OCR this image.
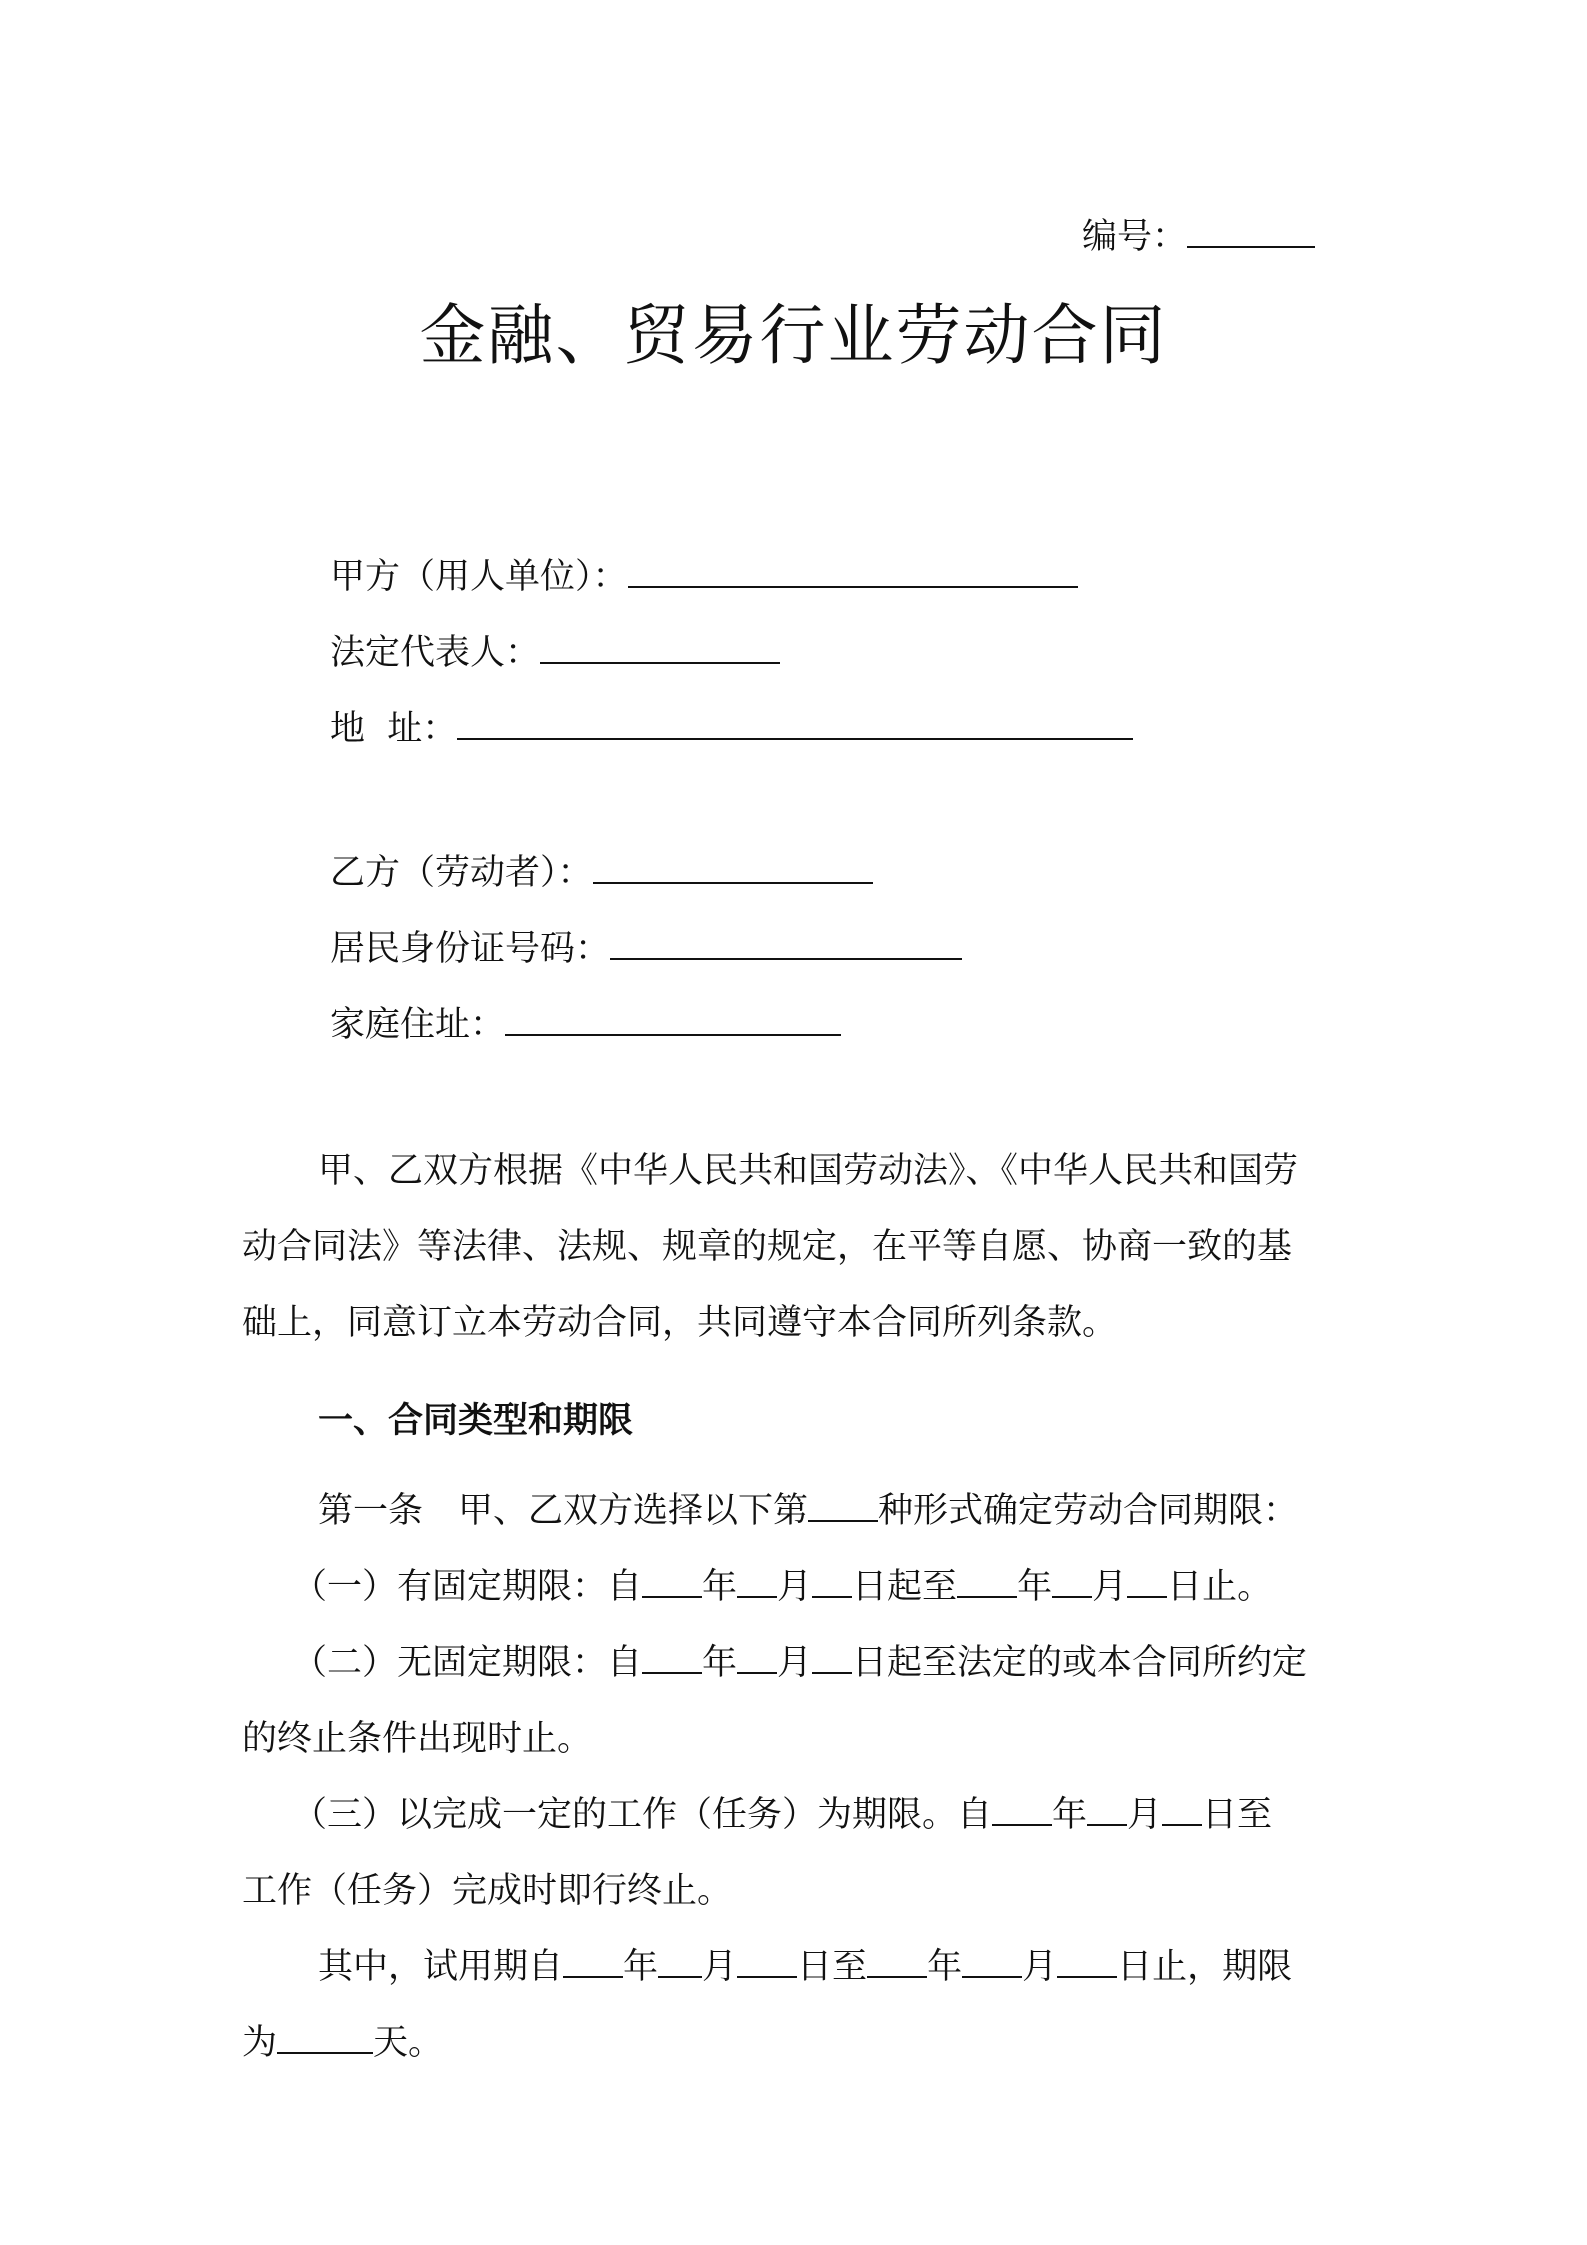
编号：
金融、贸易行业劳动合同
甲方（用人单位）：
法定代表人：
地  址：
乙方（劳动者）：
居民身份证号码：
家庭住址：
甲、乙双方根据《中华人民共和国劳动法》、《中华人民共和国劳
动合同法》等法律、法规、规章的规定，在平等自愿、协商一致的基
础上，同意订立本劳动合同，共同遵守本合同所列条款。
一、合同类型和期限
第一条　甲、乙双方选择以下第 种形式确定劳动合同期限：
（一）有固定期限：自 年 月 日起至 年 月 日止。
（二）无固定期限：自 年 月 日起至法定的或本合同所约定
的终止条件出现时止。
（三）以完成一定的工作（任务）为期限。自 年 月 日至
工作（任务）完成时即行终止。
其中，试用期自 年 月 日至 年 月 日止，期限
为	天。
